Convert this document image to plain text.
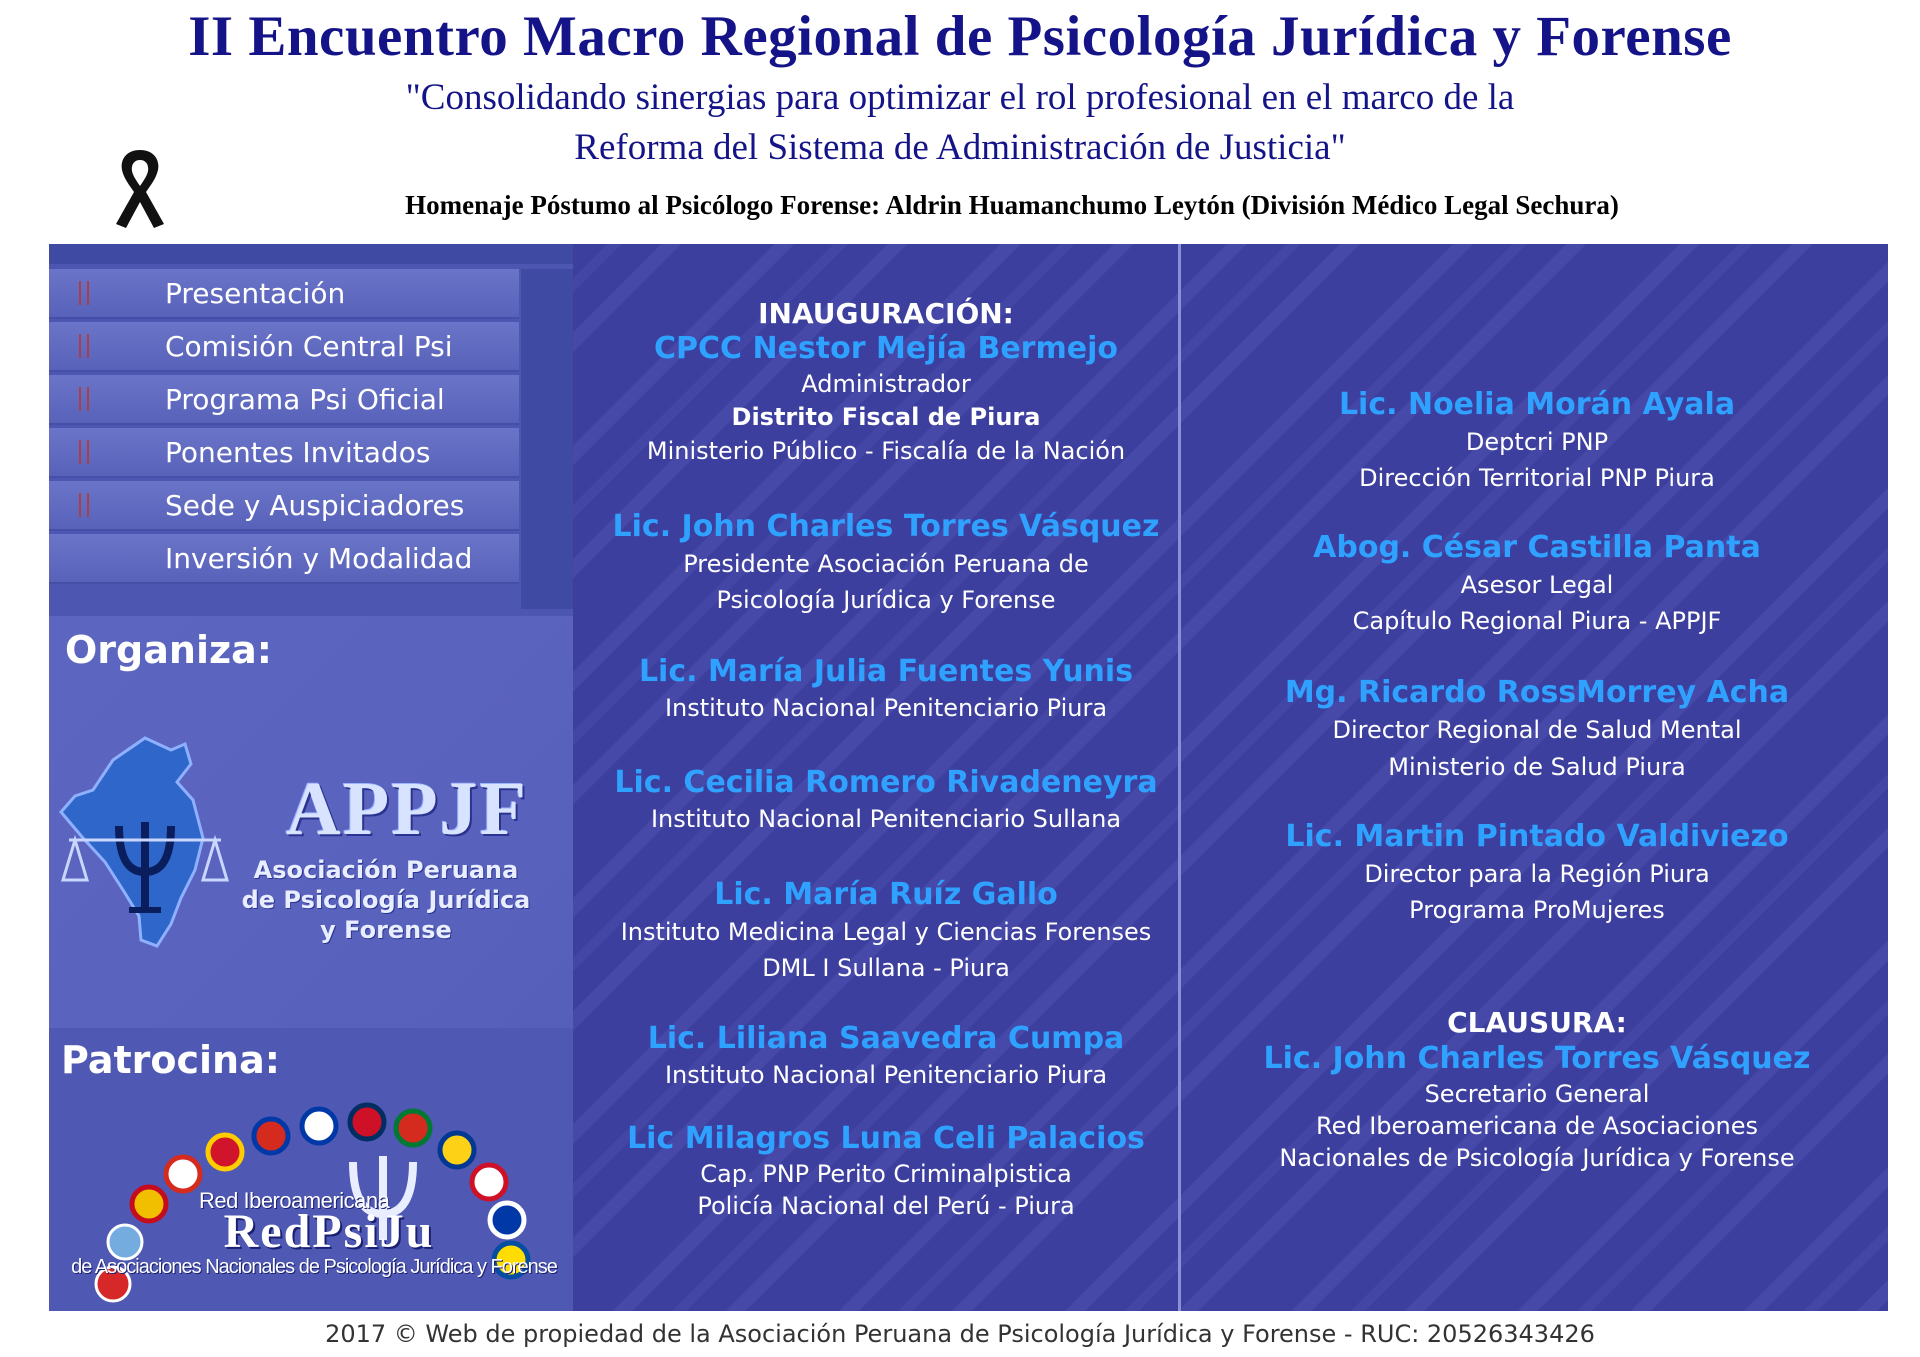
II Encuentro Macro Regional de Psicología Jurídica y Forense
"Consolidando sinergias para optimizar el rol profesional en el marco de la
Reforma del Sistema de Administración de Justicia"
Homenaje Póstumo al Psicólogo Forense: Aldrin Huamanchumo Leytón (División Médico Legal Sechura)
Presentación
Comisión Central Psi
Programa Psi Oficial
Ponentes Invitados
Sede y Auspiciadores
Inversión y Modalidad
Organiza:
APPJF
Asociación Peruana
de Psicología Jurídica
y Forense
Patrocina:
Red Iberoamericana
RedPsiJu
de Asociaciones Nacionales de Psicología Jurídica y Forense
INAUGURACIÓN:
CPCC Nestor Mejía Bermejo
Administrador
Distrito Fiscal de Piura
Ministerio Público - Fiscalía de la Nación
Lic. John Charles Torres Vásquez
Presidente Asociación Peruana de
Psicología Jurídica y Forense
Lic. María Julia Fuentes Yunis
Instituto Nacional Penitenciario Piura
Lic. Cecilia Romero Rivadeneyra
Instituto Nacional Penitenciario Sullana
Lic. María Ruíz Gallo
Instituto Medicina Legal y Ciencias Forenses
DML I Sullana - Piura
Lic. Liliana Saavedra Cumpa
Instituto Nacional Penitenciario Piura
Lic Milagros Luna Celi Palacios
Cap. PNP Perito Criminalpistica
Policía Nacional del Perú - Piura
Lic. Noelia Morán Ayala
Deptcri PNP
Dirección Territorial PNP Piura
Abog. César Castilla Panta
Asesor Legal
Capítulo Regional Piura - APPJF
Mg. Ricardo RossMorrey Acha
Director Regional de Salud Mental
Ministerio de Salud Piura
Lic. Martin Pintado Valdiviezo
Director para la Región Piura
Programa ProMujeres
CLAUSURA:
Lic. John Charles Torres Vásquez
Secretario General
Red Iberoamericana de Asociaciones
Nacionales de Psicología Jurídica y Forense
2017 © Web de propiedad de la Asociación Peruana de Psicología Jurídica y Forense - RUC: 20526343426
